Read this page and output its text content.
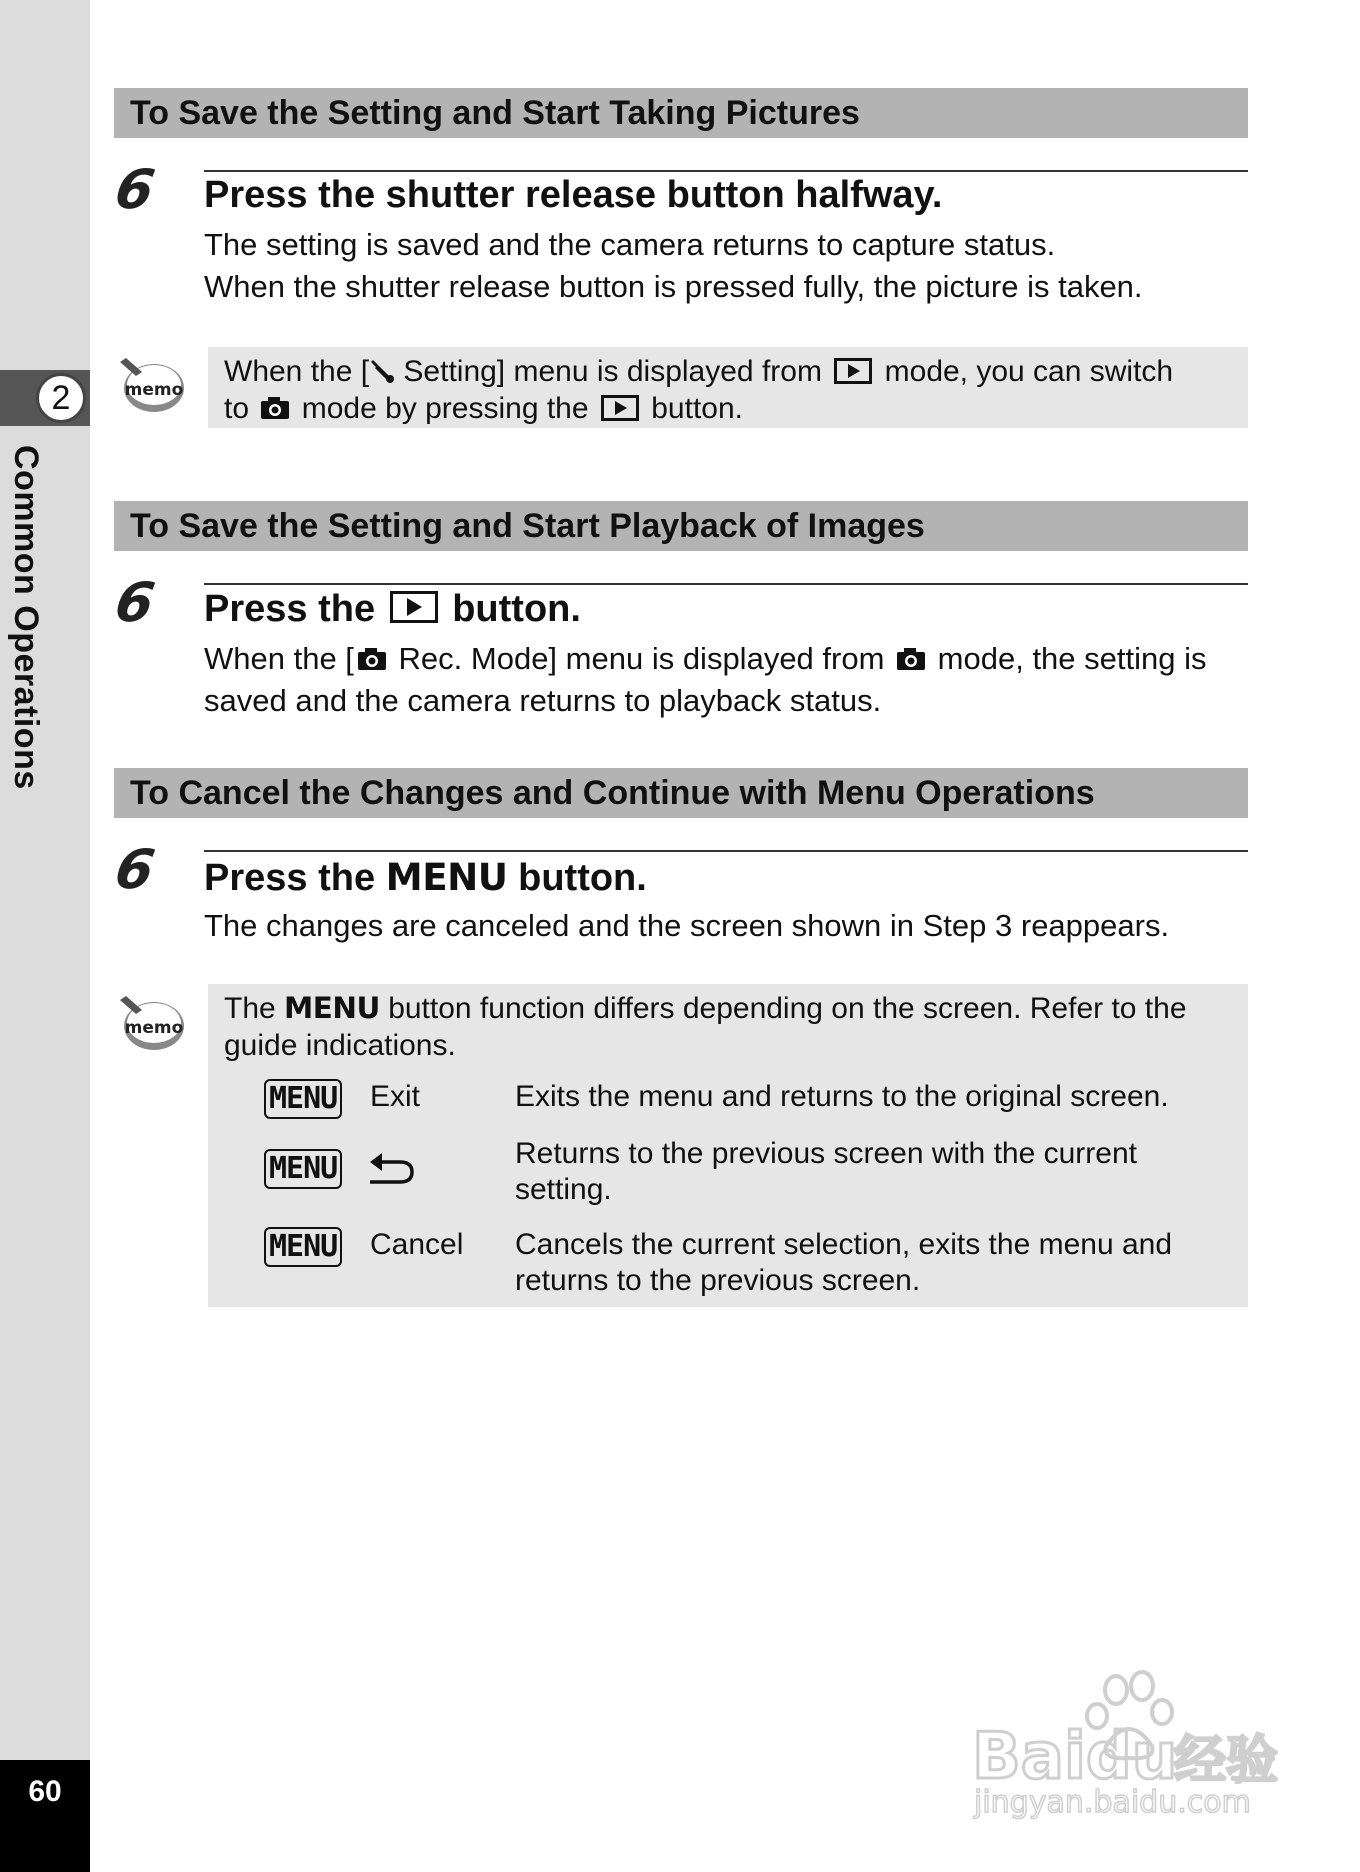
2
Common Operations
60
To Save the Setting and Start Taking Pictures
6 Press the shutter release button halfway.
The setting is saved and the camera returns to capture status.
When the shutter release button is pressed fully, the picture is taken.
memo
When the [ Setting] menu is displayed from mode, you can switch
to mode by pressing the button.
To Save the Setting and Start Playback of Images
6 Press the button.
When the [ Rec. Mode] menu is displayed from mode, the setting is saved and the camera returns to playback status.
To Cancel the Changes and Continue with Menu Operations
6 Press the MENU button.
The changes are canceled and the screen shown in Step 3 reappears.
memo
The MENU button function differs depending on the screen. Refer to the guide indications.
MENU Exit	Exits the menu and returns to the original screen.
MENU	Returns to the previous screen with the current setting.
MENU Cancel Cancels the current selection, exits the menu and returns to the previous screen.
Baidu
经验
jingyan.baidu.com
